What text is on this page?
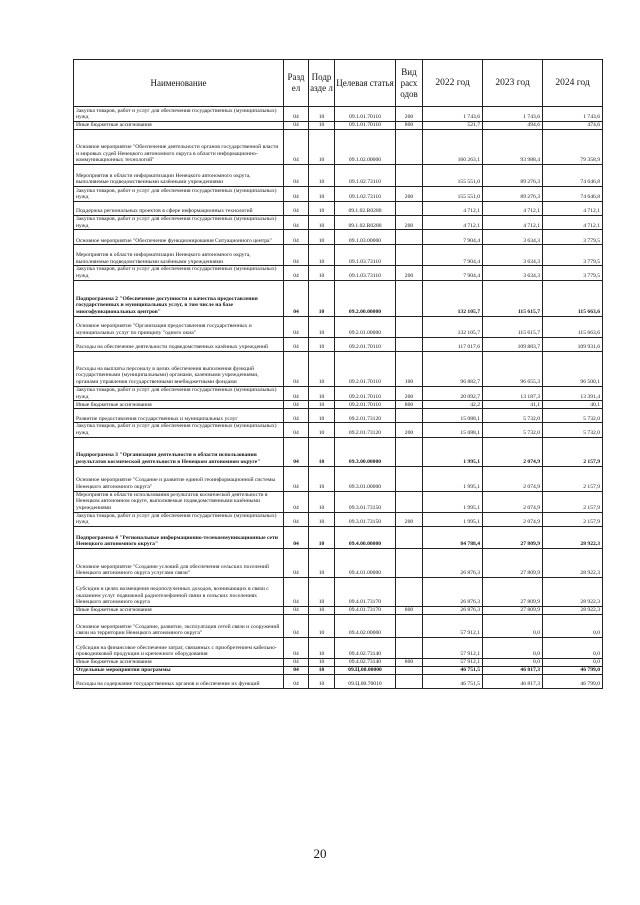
Наименование	Разд ел	Подр азде л	Целевая статья	Вид расх одов	2022 год	2023 год	2024 год
Закупка товаров, работ и услуг для обеспечения государственных (муниципальных) нужд	04	10	09.1.01.70110	200	1 743,6	1 743,6	1 743,6
Иные бюджетные ассигнования	04	10	09.1.01.70110	800	521,7	494,6	474,6
Основное мероприятие "Обеспечение деятельности органов государственной власти и мировых судей Ненецкого автономного округа в области информационно-коммуникационных технологий"	04	10	09.1.02.00000		160 263,1	93 988,4	79 358,9
Мероприятия в области информатизации Ненецкого автономного округа, выполняемые подведомственными казёнными учреждениями	04	10	09.1.02.73110		155 551,0	89 276,3	74 646,8
Закупка товаров, работ и услуг для обеспечения государственных (муниципальных) нужд	04	10	09.1.02.73110	200	155 551,0	89 276,3	74 646,8
Поддержка региональных проектов в сфере информационных технологий	04	10	09.1.02.R0280		4 712,1	4 712,1	4 712,1
Закупка товаров, работ и услуг для обеспечения государственных (муниципальных) нужд	04	10	09.1.02.R0280	200	4 712,1	4 712,1	4 712,1
Основное мероприятие "Обеспечение функционирования Ситуационного центра"	04	10	09.1.03.00000		7 904,4	3 634,3	3 779,5
Мероприятия в области информатизации Ненецкого автономного округа, выполняемые подведомственными казёнными учреждениями	04	10	09.1.03.73110		7 904,4	3 634,3	3 779,5
Закупка товаров, работ и услуг для обеспечения государственных (муниципальных) нужд	04	10	09.1.03.73110	200	7 904,4	3 634,3	3 779,5
Подпрограмма 2 "Обеспечение доступности и качества предоставления государственных и муниципальных услуг, в том числе на базе многофункциональных центров"	04	10	09.2.00.00000		132 105,7	115 615,7	115 663,6
Основное мероприятие "Организация предоставления государственных и муниципальных услуг по принципу "одного окна"	04	10	09.2.01.00000		132 105,7	115 615,7	115 663,6
Расходы на обеспечение деятельности подведомственных казённых учреждений	04	10	09.2.01.70110		117 017,6	109 883,7	109 931,6
Расходы на выплаты персоналу в целях обеспечения выполнения функций государственными (муниципальными) органами, казенными учреждениями, органами управления государственными внебюджетными фондами	04	10	09.2.01.70110	100	96 882,7	96 655,3	96 500,1
Закупка товаров, работ и услуг для обеспечения государственных (муниципальных) нужд	04	10	09.2.01.70110	200	20 092,7	13 187,3	13 391,4
Иные бюджетные ассигнования	04	10	09.2.01.70110	800	42,2	41,1	40,1
Развитие предоставления государственных и муниципальных услуг	04	10	09.2.01.73120		15 088,1	5 732,0	5 732,0
Закупка товаров, работ и услуг для обеспечения государственных (муниципальных) нужд	04	10	09.2.01.73120	200	15 088,1	5 732,0	5 732,0
Подпрограмма 3 "Организация деятельности в области использования результатов космической деятельности в Ненецком автономном округе"	04	10	09.3.00.00000		1 995,1	2 074,9	2 157,9
Основное мероприятие "Создание и развитие единой геоинформационной системы Ненецкого автономного округа"	04	10	09.3.01.00000		1 995,1	2 074,9	2 157,9
Мероприятия в области использования результатов космической деятельности в Ненецком автономном округе, выполняемые подведомственными казёнными учреждениями	04	10	09.3.01.73150		1 995,1	2 074,9	2 157,9
Закупка товаров, работ и услуг для обеспечения государственных (муниципальных) нужд	04	10	09.3.01.73150	200	1 995,1	2 074,9	2 157,9
Подпрограмма 4 "Региональные информационно-телекоммуникационные сети Ненецкого автономного округа"	04	10	09.4.00.00000		84 788,4	27 809,9	28 922,3
Основное мероприятие "Создание условий для обеспечения сельских поселений Ненецкого автономного округа услугами связи"	04	10	09.4.01.00000		26 876,3	27 809,9	28 922,3
Субсидии в целях возмещения недополученных доходов, возникающих в связи с оказанием услуг подвижной радиотелефонной связи в сельских поселениях Ненецкого автономного округа	04	10	09.4.01.73170		26 876,3	27 809,9	28 922,3
Иные бюджетные ассигнования	04	10	09.4.01.73170	800	26 876,3	27 809,9	28 922,3
Основное мероприятие "Создание, развитие, эксплуатация сетей связи и сооружений связи на территории Ненецкого автономного округа"	04	10	09.4.02.00000		57 912,1	0,0	0,0
Субсидия на финансовое обеспечение затрат, связанных с приобретением кабельно-проводниковой продукции и крепежного оборудования	04	10	09.4.02.73140		57 912,1	0,0	0,0
Иные бюджетные ассигнования	04	10	09.4.02.73140	800	57 912,1	0,0	0,0
Отдельные мероприятия программы	04	10	09.Ц.00.00000		46 751,5	46 817,3	46 799,0
Расходы на содержание государственных органов и обеспечение их функций	04	10	09.Ц.00.70010		46 751,5	46 817,3	46 799,0
20
